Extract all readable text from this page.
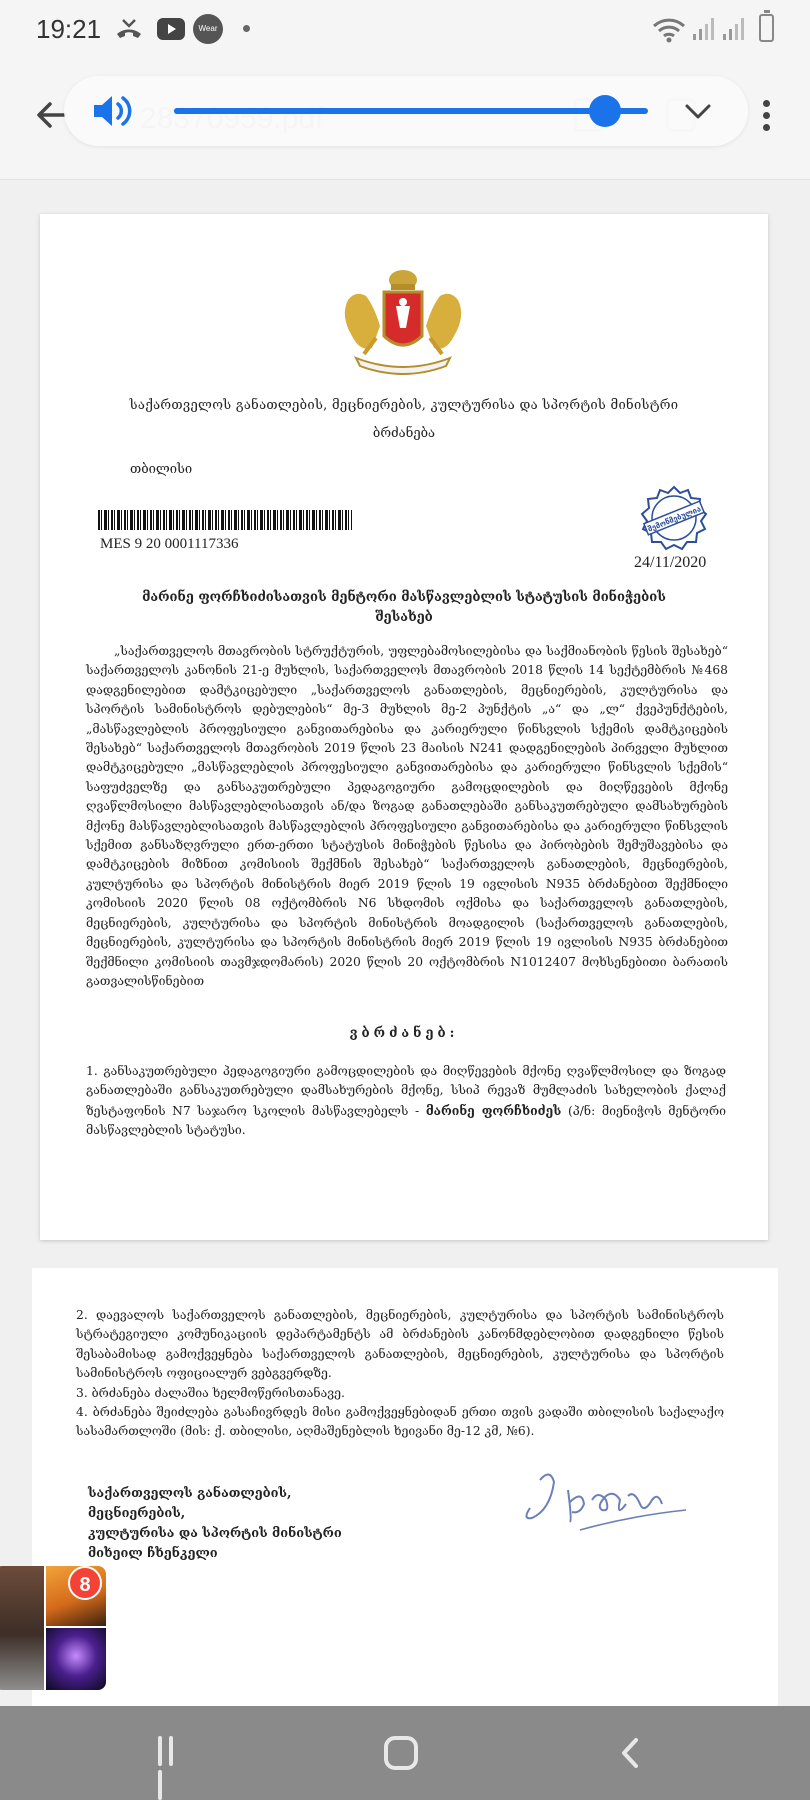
19:21	Wear
საქართველოს განათლების, მეცნიერების, კულტურისა და სპორტის მინისტრი
ბრძანება
თბილისი
MES 9 20 0001117336
შემოწმებულია
24/11/2020
მარინე ფორჩხიძისათვის მენტორი მასწავლებლის სტატუსის მინიჭების შესახებ
„საქართველოს მთავრობის სტრუქტურის, უფლებამოსილებისა და საქმიანობის წესის შესახებ“ საქართველოს კანონის 21-ე მუხლის, საქართველოს მთავრობის 2018 წლის 14 სექტემბრის №468 დადგენილებით დამტკიცებული „საქართველოს განათლების, მეცნიერების, კულტურისა და სპორტის სამინისტროს დებულების“ მე-3 მუხლის მე-2 პუნქტის „ა“ და „ლ“ ქვეპუნქტების, „მასწავლებლის პროფესიული განვითარებისა და კარიერული წინსვლის სქემის დამტკიცების შესახებ“ საქართველოს მთავრობის 2019 წლის 23 მაისის N241 დადგენილების პირველი მუხლით დამტკიცებული „მასწავლებლის პროფესიული განვითარებისა და კარიერული წინსვლის სქემის“ საფუძველზე და განსაკუთრებული პედაგოგიური გამოცდილების და მიღწევების მქონე ღვაწლმოსილი მასწავლებლისათვის ან/და ზოგად განათლებაში განსაკუთრებული დამსახურების მქონე მასწავლებლისათვის მასწავლებლის პროფესიული განვითარებისა და კარიერული წინსვლის სქემით განსაზღვრული ერთ-ერთი სტატუსის მინიჭების წესისა და პირობების შემუშავებისა და დამტკიცების მიზნით კომისიის შექმნის შესახებ“ საქართველოს განათლების, მეცნიერების, კულტურისა და სპორტის მინისტრის მიერ 2019 წლის 19 ივლისის N935 ბრძანებით შექმნილი კომისიის 2020 წლის 08 ოქტომბრის N6 სხდომის ოქმისა და საქართველოს განათლების, მეცნიერების, კულტურისა და სპორტის მინისტრის მოადგილის (საქართველოს განათლების, მეცნიერების, კულტურისა და სპორტის მინისტრის მიერ 2019 წლის 19 ივლისის N935 ბრძანებით შექმნილი კომისიის თავმჯდომარის) 2020 წლის 20 ოქტომბრის N1012407 მოხსენებითი ბარათის გათვალისწინებით
ვბრძანებ:
1. განსაკუთრებული პედაგოგიური გამოცდილების და მიღწევების მქონე ღვაწლმოსილ და ზოგად განათლებაში განსაკუთრებული დამსახურების მქონე, სსიპ რევაზ მუმლაძის სახელობის ქალაქ ზესტაფონის N7 საჯარო სკოლის მასწავლებელს - მარინე ფორჩხიძეს (პ/ნ: მიენიჭოს მენტორი მასწავლებლის სტატუსი.

2. დაევალოს საქართველოს განათლების, მეცნიერების, კულტურისა და სპორტის სამინისტროს სტრატეგიული კომუნიკაციის დეპარტამენტს ამ ბრძანების კანონმდებლობით დადგენილი წესის შესაბამისად გამოქვეყნება საქართველოს განათლების, მეცნიერების, კულტურისა და სპორტის სამინისტროს ოფიციალურ ვებგვერდზე.

3. ბრძანება ძალაშია ხელმოწერისთანავე.

4. ბრძანება შეიძლება გასაჩივრდეს მისი გამოქვეყნებიდან ერთი თვის ვადაში თბილისის საქალაქო სასამართლოში (მის: ქ. თბილისი, აღმაშენებლის ხეივანი მე-12 კმ, №6).

საქართველოს განათლების, მეცნიერების,
კულტურისა და სპორტის მინისტრი
მიხეილ ჩხენკელი
8
